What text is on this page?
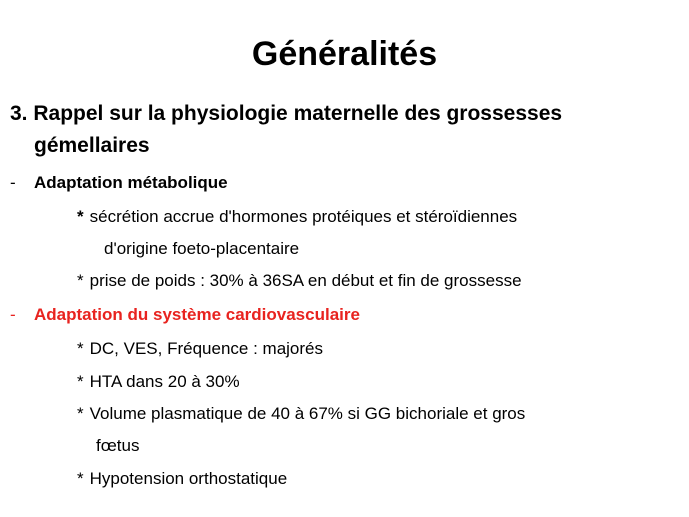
Généralités
3. Rappel sur la physiologie maternelle des grossesses
gémellaires
- Adaptation métabolique
* sécrétion accrue d'hormones protéiques et stéroïdiennes
d'origine foeto-placentaire
* prise de poids : 30% à 36SA en début et fin de grossesse
- Adaptation du système cardiovasculaire
* DC, VES, Fréquence : majorés
* HTA dans 20 à 30%
* Volume plasmatique de 40 à 67% si GG bichoriale et gros
fœtus
* Hypotension orthostatique
